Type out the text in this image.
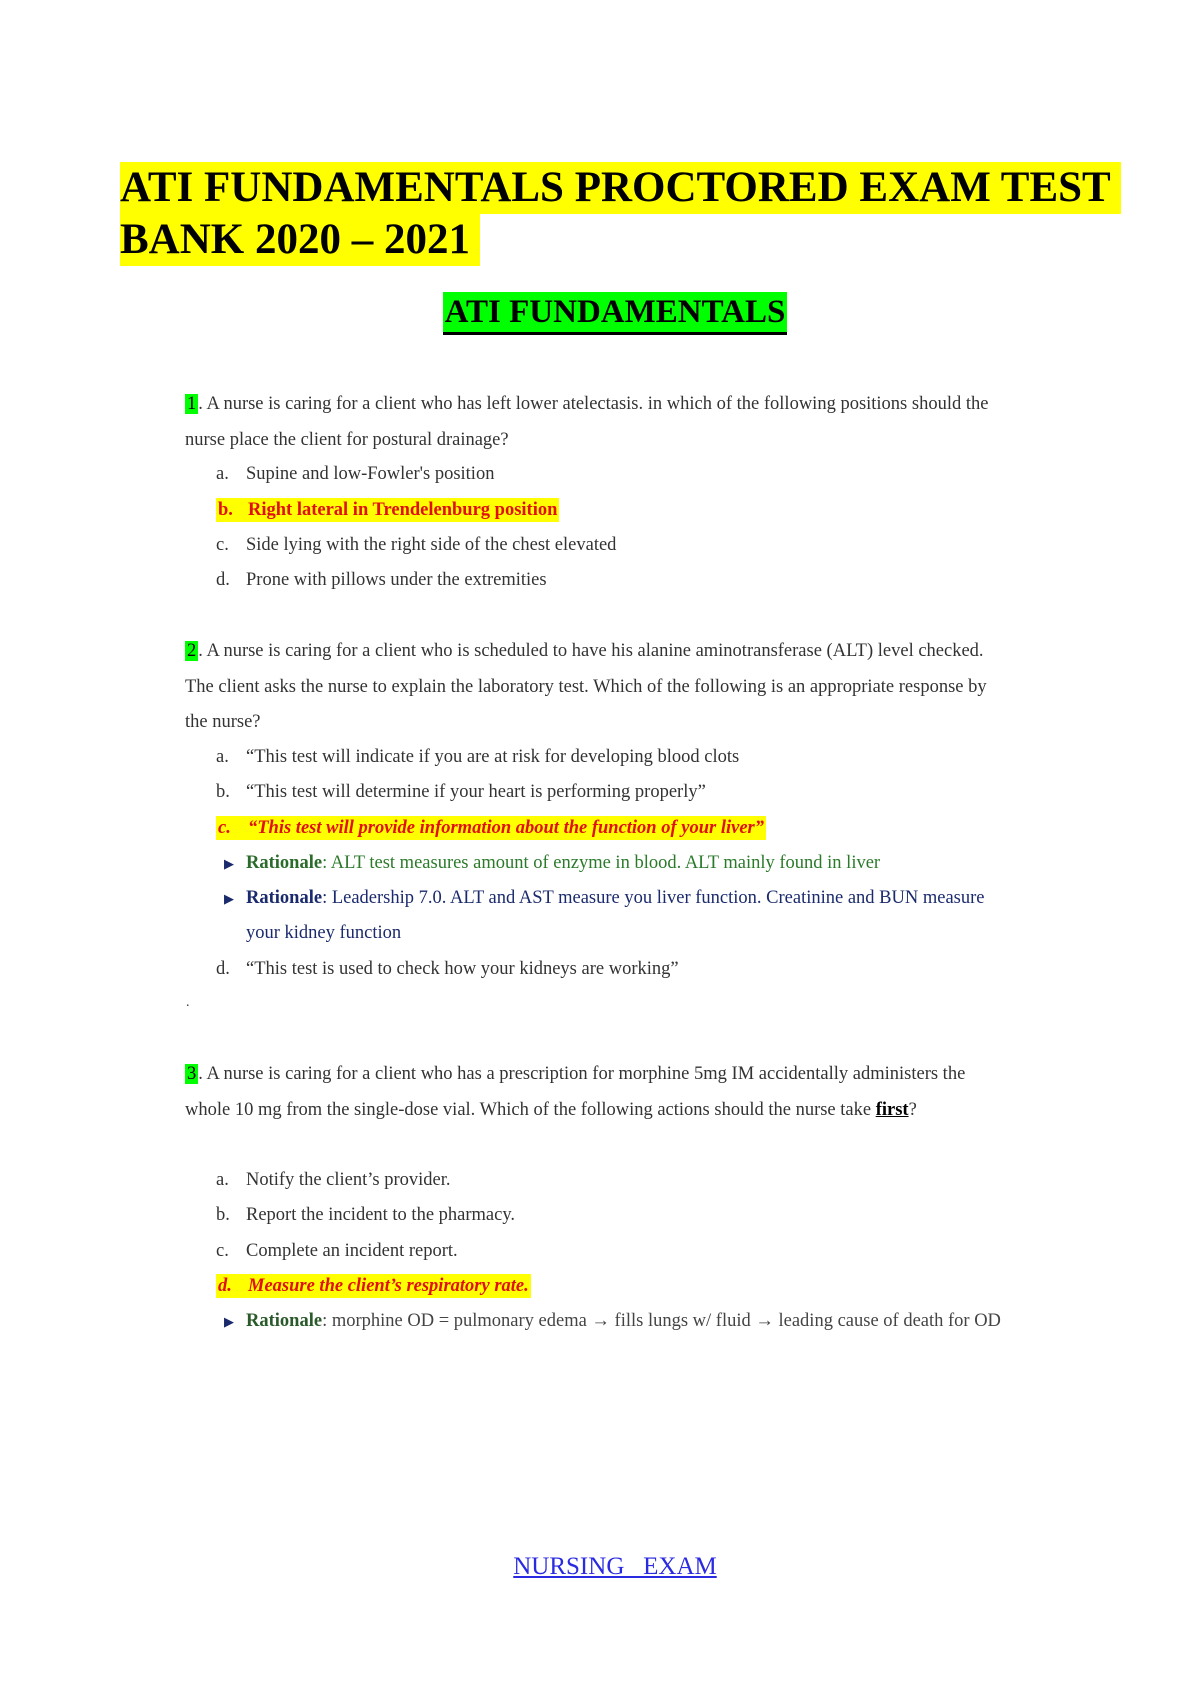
ATI FUNDAMENTALS PROCTORED EXAM TEST
BANK 2020 – 2021
ATI FUNDAMENTALS
1 . A nurse is caring for a client who has left lower atelectasis. in which of the following positions should the nurse place the client for postural drainage?
a. Supine and low-Fowler's position
b. Right lateral in Trendelenburg position
c. Side lying with the right side of the chest elevated
d. Prone with pillows under the extremities
2 . A nurse is caring for a client who is scheduled to have his alanine aminotransferase (ALT) level checked. The client asks the nurse to explain the laboratory test. Which of the following is an appropriate response by the nurse?
a. “This test will indicate if you are at risk for developing blood clots
b. “This test will determine if your heart is performing properly”
c. “This test will provide information about the function of your liver”
▶ Rationale: ALT test measures amount of enzyme in blood. ALT mainly found in liver
▶ Rationale: Leadership 7.0. ALT and AST measure you liver function. Creatinine and BUN measure your kidney function
d. “This test is used to check how your kidneys are working”
.
3 . A nurse is caring for a client who has a prescription for morphine 5mg IM accidentally administers the whole 10 mg from the single-dose vial. Which of the following actions should the nurse take first?
a. Notify the client’s provider.
b. Report the incident to the pharmacy.
c. Complete an incident report.
d. Measure the client’s respiratory rate.
▶ Rationale: morphine OD = pulmonary edema → fills lungs w/ fluid → leading cause of death for OD
NURSING   EXAM
